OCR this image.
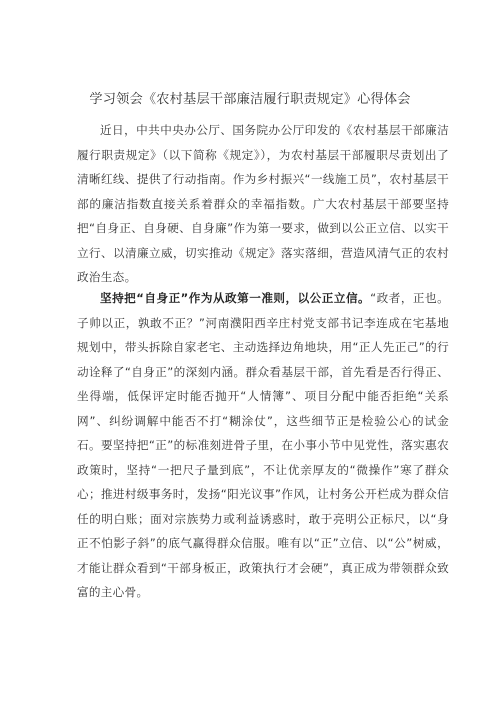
学习领会《农村基层干部廉洁履行职责规定》心得体会

近日，中共中央办公厅、国务院办公厅印发的《农村基层干部廉洁履行职责规定》（以下简称《规定》），为农村基层干部履职尽责划出了清晰红线、提供了行动指南。作为乡村振兴“一线施工员”，农村基层干部的廉洁指数直接关系着群众的幸福指数。广大农村基层干部要坚持把“自身正、自身硬、自身廉”作为第一要求，做到以公正立信、以实干立行、以清廉立威，切实推动《规定》落实落细，营造风清气正的农村政治生态。

坚持把“自身正”作为从政第一准则，以公正立信。“政者，正也。子帅以正，孰敢不正？”河南濮阳西辛庄村党支部书记李连成在宅基地规划中，带头拆除自家老宅、主动选择边角地块，用“正人先正己”的行动诠释了“自身正”的深刻内涵。群众看基层干部，首先看是否行得正、坐得端，低保评定时能否抛开“人情簿”、项目分配中能否拒绝“关系网”、纠纷调解中能否不打“糊涂仗”，这些细节正是检验公心的试金石。要坚持把“正”的标准刻进骨子里，在小事小节中见党性，落实惠农政策时，坚持“一把尺子量到底”，不让优亲厚友的“微操作”寒了群众心；推进村级事务时，发扬“阳光议事”作风，让村务公开栏成为群众信任的明白账；面对宗族势力或利益诱惑时，敢于亮明公正标尺，以“身正不怕影子斜”的底气赢得群众信服。唯有以“正”立信、以“公”树威，才能让群众看到“干部身板正，政策执行才会硬”，真正成为带领群众致富的主心骨。
